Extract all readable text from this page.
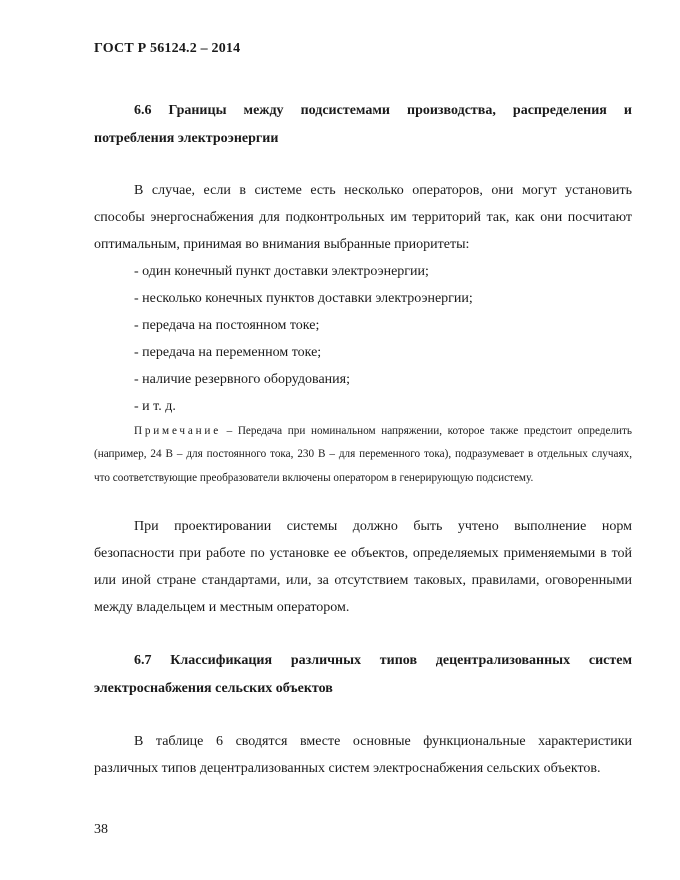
ГОСТ Р 56124.2 – 2014
6.6 Границы между подсистемами производства, распределения и потребления электроэнергии
В случае, если в системе есть несколько операторов, они могут установить способы энергоснабжения для подконтрольных им территорий так, как они посчитают оптимальным, принимая во внимания выбранные приоритеты:
- один конечный пункт доставки электроэнергии;
- несколько конечных пунктов доставки электроэнергии;
- передача на постоянном токе;
- передача на переменном токе;
- наличие резервного оборудования;
- и т. д.
Примечание – Передача при номинальном напряжении, которое также предстоит определить (например, 24 В – для постоянного тока, 230 В – для переменного тока), подразумевает в отдельных случаях, что соответствующие преобразователи включены оператором в генерирующую подсистему.
При проектировании системы должно быть учтено выполнение норм безопасности при работе по установке ее объектов, определяемых применяемыми в той или иной стране стандартами, или, за отсутствием таковых, правилами, оговоренными между владельцем и местным оператором.
6.7 Классификация различных типов децентрализованных систем электроснабжения сельских объектов
В таблице 6 сводятся вместе основные функциональные характеристики различных типов децентрализованных систем электроснабжения сельских объектов.
38
